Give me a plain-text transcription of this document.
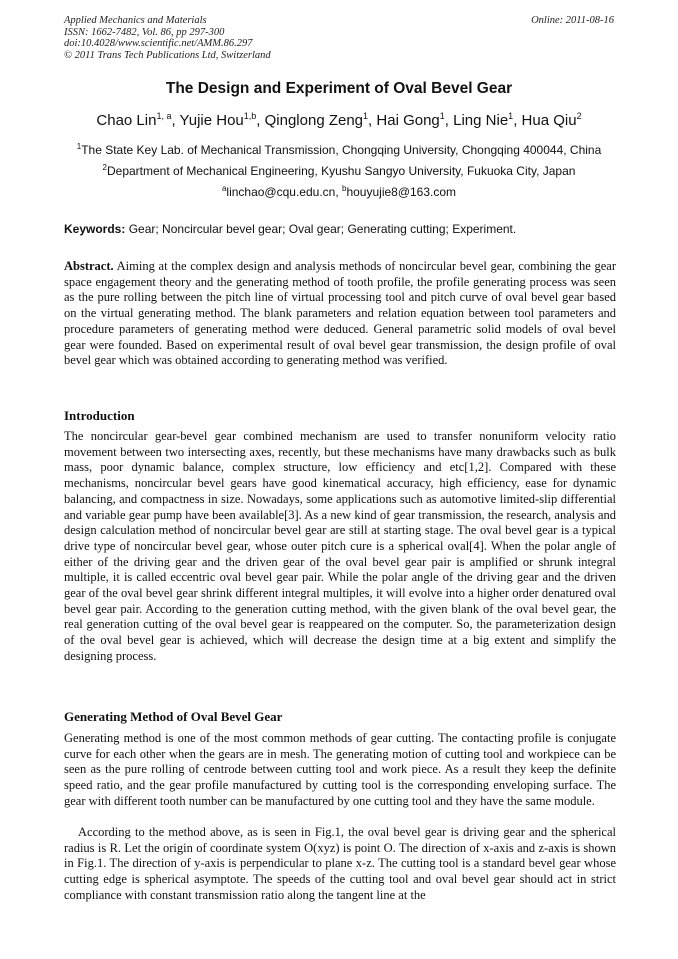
Applied Mechanics and Materials
ISSN: 1662-7482, Vol. 86, pp 297-300
doi:10.4028/www.scientific.net/AMM.86.297
© 2011 Trans Tech Publications Ltd, Switzerland
Online: 2011-08-16
The Design and Experiment of Oval Bevel Gear
Chao Lin$^{1, a}$, Yujie Hou$^{1,b}$, Qinglong Zeng$^1$, Hai Gong$^1$, Ling Nie$^1$, Hua Qiu$^2$
$^1$The State Key Lab. of Mechanical Transmission, Chongqing University, Chongqing 400044, China
$^2$Department of Mechanical Engineering, Kyushu Sangyo University, Fukuoka City, Japan
$^a$linchao@cqu.edu.cn, $^b$houyujie8@163.com
Keywords: Gear; Noncircular bevel gear; Oval gear; Generating cutting; Experiment.

Abstract. Aiming at the complex design and analysis methods of noncircular bevel gear, combining the gear space engagement theory and the generating method of tooth profile, the profile generating process was seen as the pure rolling between the pitch line of virtual processing tool and pitch curve of oval bevel gear based on the virtual generating method. The blank parameters and relation equation between tool parameters and procedure parameters of generating method were deduced. General parametric solid models of oval bevel gear were founded. Based on experimental result of oval bevel gear transmission, the design profile of oval bevel gear which was obtained according to generating method was verified.

Introduction

The noncircular gear-bevel gear combined mechanism are used to transfer nonuniform velocity ratio movement between two intersecting axes, recently, but these mechanisms have many drawbacks such as bulk mass, poor dynamic balance, complex structure, low efficiency and etc[1,2]. Compared with these mechanisms, noncircular bevel gears have good kinematical accuracy, high efficiency, ease for dynamic balancing, and compactness in size. Nowadays, some applications such as automotive limited-slip differential and variable gear pump have been available[3]. As a new kind of gear transmission, the research, analysis and design calculation method of noncircular bevel gear are still at starting stage. The oval bevel gear is a typical drive type of noncircular bevel gear, whose outer pitch cure is a spherical oval[4]. When the polar angle of either of the driving gear and the driven gear of the oval bevel gear pair is amplified or shrunk integral multiple, it is called eccentric oval bevel gear pair. While the polar angle of the driving gear and the driven gear of the oval bevel gear shrink different integral multiples, it will evolve into a higher order denatured oval bevel gear pair. According to the generation cutting method, with the given blank of the oval bevel gear, the real generation cutting of the oval bevel gear is reappeared on the computer. So, the parameterization design of the oval bevel gear is achieved, which will decrease the design time at a big extent and simplify the designing process.

Generating Method of Oval Bevel Gear

Generating method is one of the most common methods of gear cutting. The contacting profile is conjugate curve for each other when the gears are in mesh. The generating motion of cutting tool and workpiece can be seen as the pure rolling of centrode between cutting tool and work piece. As a result they keep the definite speed ratio, and the gear profile manufactured by cutting tool is the corresponding enveloping surface. The gear with different tooth number can be manufactured by one cutting tool and they have the same module.

According to the method above, as is seen in Fig.1, the oval bevel gear is driving gear and the spherical radius is R. Let the origin of coordinate system O(xyz) is point O. The direction of x-axis and z-axis is shown in Fig.1. The direction of y-axis is perpendicular to plane x-z. The cutting tool is a standard bevel gear whose cutting edge is spherical asymptote. The speeds of the cutting tool and oval bevel gear should act in strict compliance with constant transmission ratio along the tangent line at the
